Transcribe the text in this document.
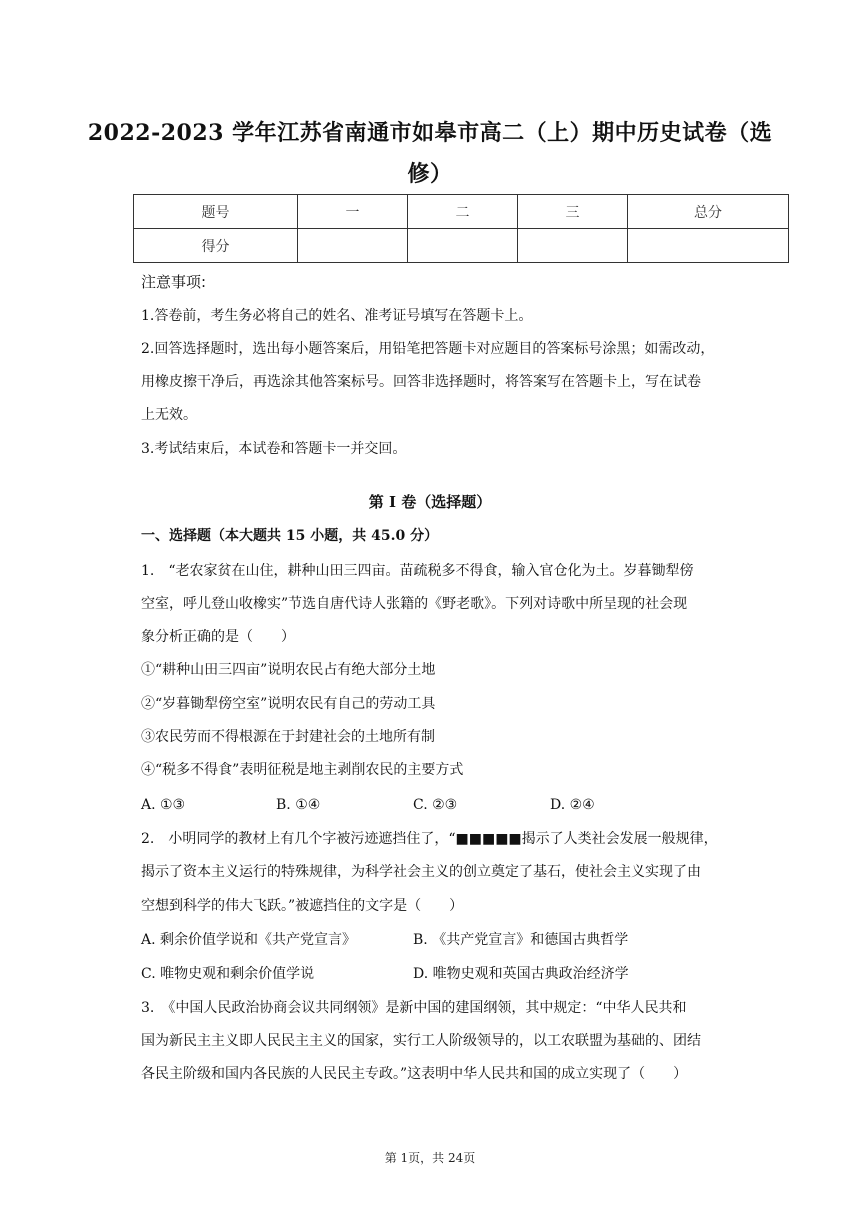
2022-2023 学年江苏省南通市如皋市高二（上）期中历史试卷（选
修）
题号	一	二	三	总分
得分				
注意事项:
1.答卷前，考生务必将自己的姓名、准考证号填写在答题卡上。
2.回答选择题时，选出每小题答案后，用铅笔把答题卡对应题目的答案标号涂黑；如需改动，
用橡皮擦干净后，再选涂其他答案标号。回答非选择题时，将答案写在答题卡上，写在试卷
上无效。
3.考试结束后，本试卷和答题卡一并交回。
第 I 卷（选择题）
一、选择题（本大题共 15 小题，共 45.0 分）
1.　“老农家贫在山住，耕种山田三四亩。苗疏税多不得食，输入官仓化为土。岁暮锄犁傍
空室，呼儿登山收橡实”节选自唐代诗人张籍的《野老歌》。下列对诗歌中所呈现的社会现
象分析正确的是（　　）
①“耕种山田三四亩”说明农民占有绝大部分土地
②“岁暮锄犁傍空室”说明农民有自己的劳动工具
③农民劳而不得根源在于封建社会的土地所有制
④“税多不得食”表明征税是地主剥削农民的主要方式
A. ①③	B. ①④	C. ②③	D. ②④
2.　小明同学的教材上有几个字被污迹遮挡住了，“■■■■■揭示了人类社会发展一般规律，
揭示了资本主义运行的特殊规律，为科学社会主义的创立奠定了基石，使社会主义实现了由
空想到科学的伟大飞跃。”被遮挡住的文字是（　　）
A. 剩余价值学说和《共产党宣言》	B. 《共产党宣言》和德国古典哲学
C. 唯物史观和剩余价值学说	D. 唯物史观和英国古典政治经济学
3.　《中国人民政治协商会议共同纲领》是新中国的建国纲领，其中规定：“中华人民共和
国为新民主主义即人民民主主义的国家，实行工人阶级领导的，以工农联盟为基础的、团结
各民主阶级和国内各民族的人民民主专政。”这表明中华人民共和国的成立实现了（　　）
第 1页，共 24页
